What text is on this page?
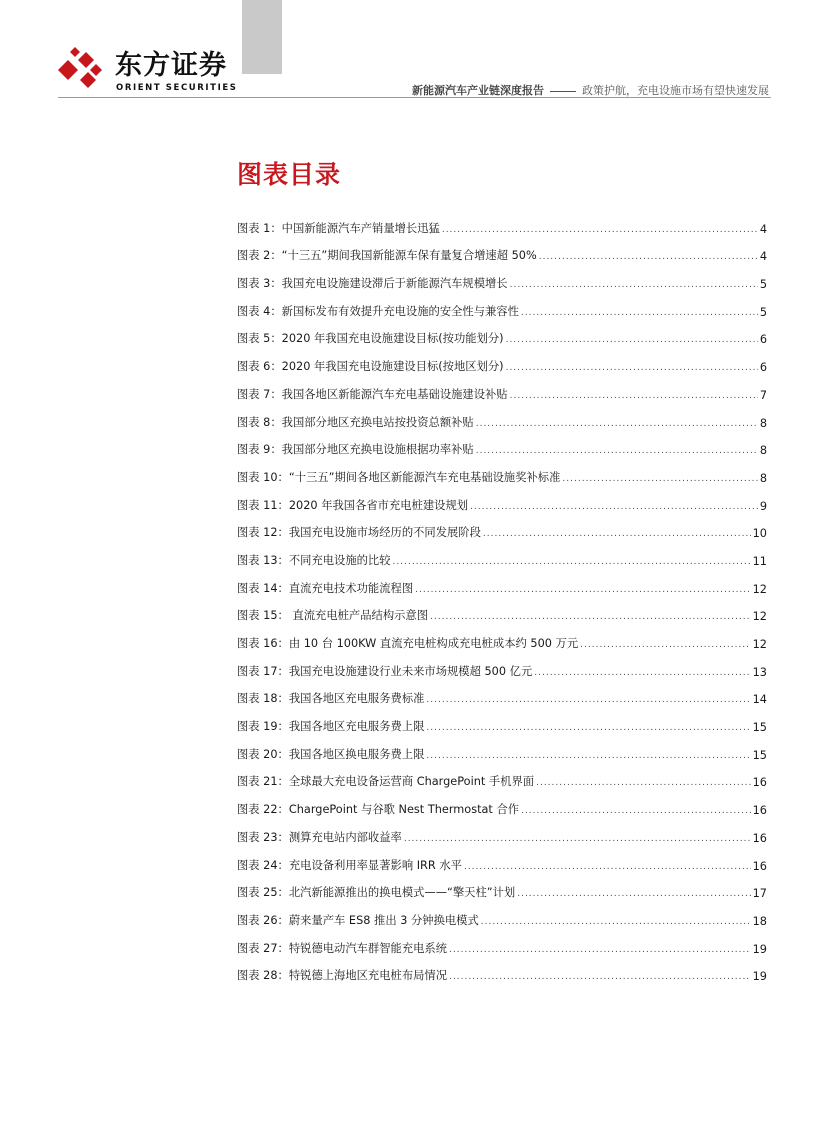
东方证券
ORIENT SECURITIES	新能源汽车产业链深度报告	政策护航，充电设施市场有望快速发展
图表目录
图表 1：中国新能源汽车产销量增长迅猛 .....	4
图表 2：“十三五”期间我国新能源车保有量复合增速超 50% .....	4
图表 3：我国充电设施建设滞后于新能源汽车规模增长 .....	5
图表 4：新国标发布有效提升充电设施的安全性与兼容性 .....	5
图表 5：2020 年我国充电设施建设目标(按功能划分) .....	6
图表 6：2020 年我国充电设施建设目标(按地区划分) .....	6
图表 7：我国各地区新能源汽车充电基础设施建设补贴 .....	7
图表 8：我国部分地区充换电站按投资总额补贴 .....	8
图表 9：我国部分地区充换电设施根据功率补贴 .....	8
图表 10：“十三五”期间各地区新能源汽车充电基础设施奖补标准 .....	8
图表 11：2020 年我国各省市充电桩建设规划 .....	9
图表 12：我国充电设施市场经历的不同发展阶段 .....	10
图表 13：不同充电设施的比较 .....	11
图表 14：直流充电技术功能流程图 .....	12
图表 15： 直流充电桩产品结构示意图 .....	12
图表 16：由 10 台 100KW 直流充电桩构成充电桩成本约 500 万元 .....	12
图表 17：我国充电设施建设行业未来市场规模超 500 亿元 .....	13
图表 18：我国各地区充电服务费标准 .....	14
图表 19：我国各地区充电服务费上限 .....	15
图表 20：我国各地区换电服务费上限 .....	15
图表 21：全球最大充电设备运营商 ChargePoint 手机界面 .....	16
图表 22：ChargePoint 与谷歌 Nest Thermostat 合作 .....	16
图表 23：测算充电站内部收益率 .....	16
图表 24：充电设备利用率显著影响 IRR 水平 .....	16
图表 25：北汽新能源推出的换电模式——“擎天柱”计划 .....	17
图表 26：蔚来量产车 ES8 推出 3 分钟换电模式 .....	18
图表 27：特锐德电动汽车群智能充电系统 .....	19
图表 28：特锐德上海地区充电桩布局情况 .....	19
